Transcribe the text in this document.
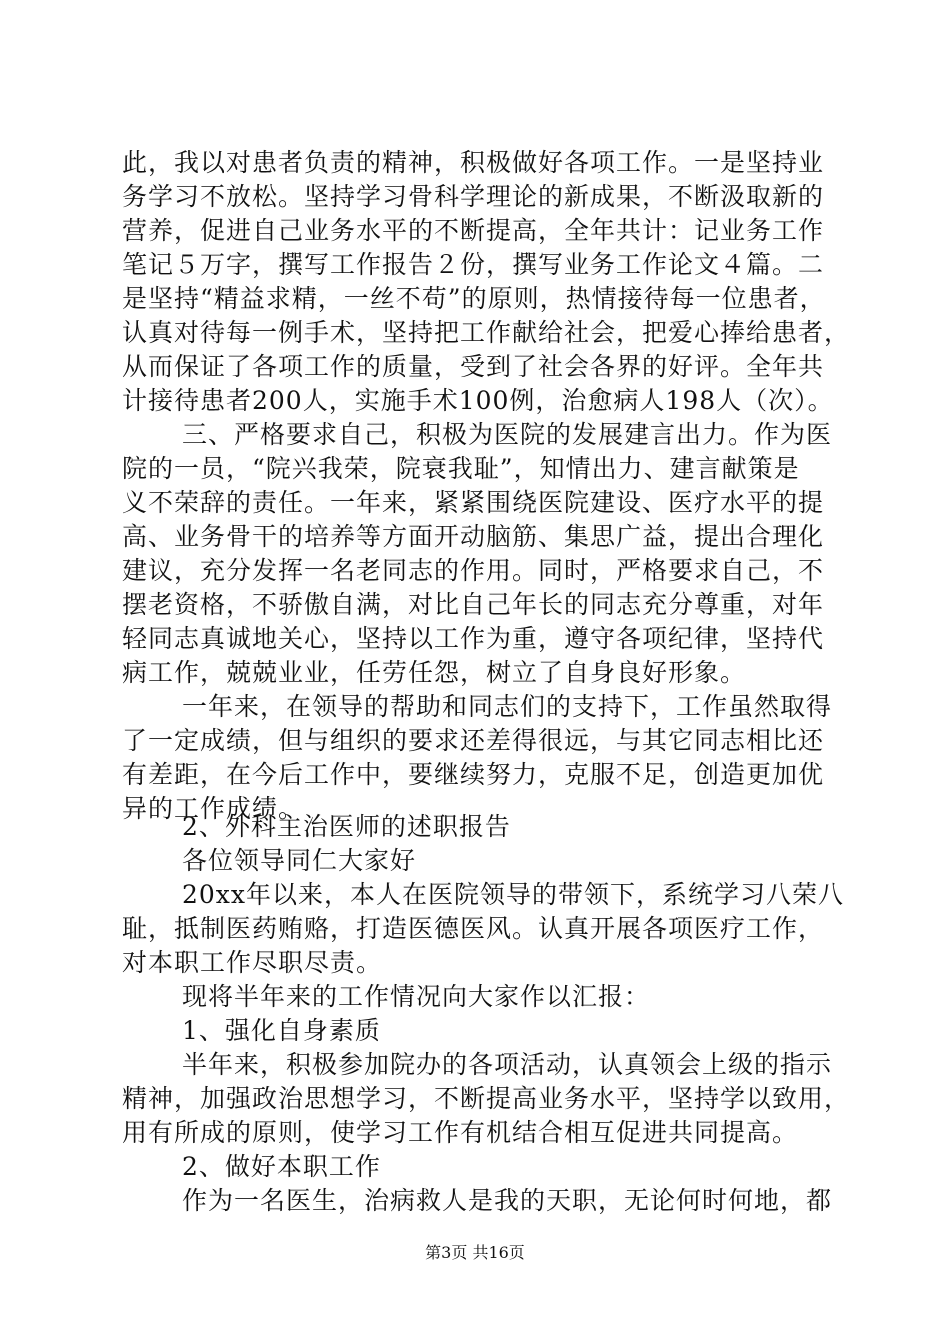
此，我以对患者负责的精神，积极做好各项工作。一是坚持业
务学习不放松。坚持学习骨科学理论的新成果，不断汲取新的
营养，促进自己业务水平的不断提高，全年共计：记业务工作
笔记５万字，撰写工作报告２份，撰写业务工作论文４篇。二
是坚持“精益求精，一丝不苟”的原则，热情接待每一位患者，
认真对待每一例手术，坚持把工作献给社会，把爱心捧给患者，
从而保证了各项工作的质量，受到了社会各界的好评。全年共
计接待患者200人，实施手术100例，治愈病人198人（次）。
三、严格要求自己，积极为医院的发展建言出力。作为医
院的一员，“院兴我荣，院衰我耻”，知情出力、建言献策是
义不荣辞的责任。一年来，紧紧围绕医院建设、医疗水平的提
高、业务骨干的培养等方面开动脑筋、集思广益，提出合理化
建议，充分发挥一名老同志的作用。同时，严格要求自己，不
摆老资格，不骄傲自满，对比自己年长的同志充分尊重，对年
轻同志真诚地关心，坚持以工作为重，遵守各项纪律，坚持代
病工作，兢兢业业，任劳任怨，树立了自身良好形象。
一年来，在领导的帮助和同志们的支持下，工作虽然取得
了一定成绩，但与组织的要求还差得很远，与其它同志相比还
有差距，在今后工作中，要继续努力，克服不足，创造更加优
异的工作成绩。
2、外科主治医师的述职报告
各位领导同仁大家好
20xx年以来，本人在医院领导的带领下，系统学习八荣八
耻，抵制医药贿赂，打造医德医风。认真开展各项医疗工作，
对本职工作尽职尽责。
现将半年来的工作情况向大家作以汇报：
1、强化自身素质
半年来，积极参加院办的各项活动，认真领会上级的指示
精神，加强政治思想学习，不断提高业务水平，坚持学以致用，
用有所成的原则，使学习工作有机结合相互促进共同提高。
2、做好本职工作
作为一名医生，治病救人是我的天职，无论何时何地，都
第3页 共16页
